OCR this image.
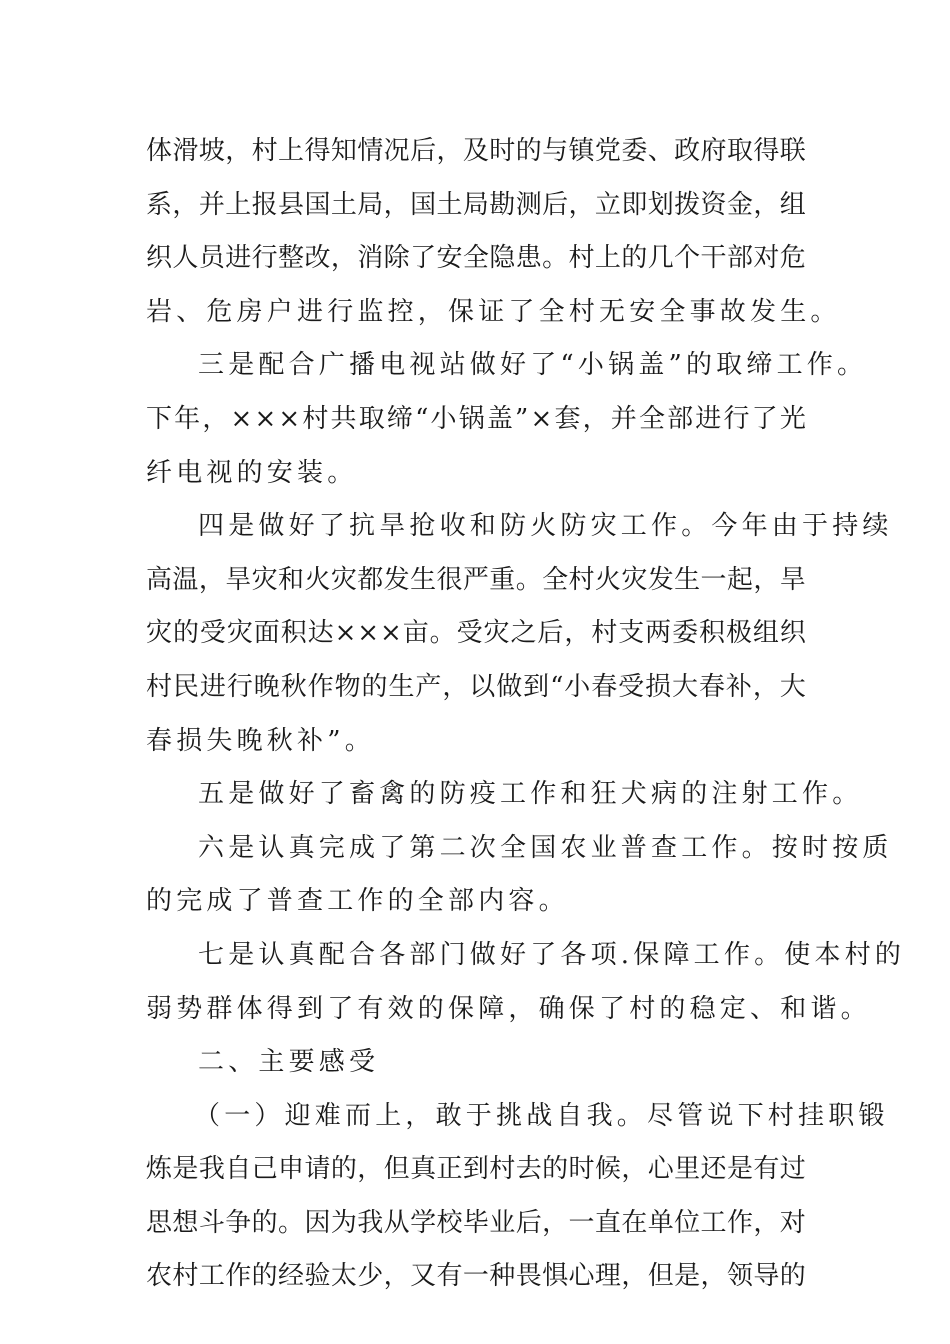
体 滑 坡 ， 村 上 得 知 情 况 后 ， 及 时 的 与 镇 党 委 、 政 府 取 得 联
系 ， 并 上 报 县 国 土 局 ， 国 土 局 勘 测 后 ， 立 即 划 拨 资 金 ， 组
织 人 员 进 行 整 改 ， 消 除 了 安 全 隐 患 。 村 上 的 几 个 干 部 对 危
岩、危房户进行监控，保证了全村无安全事故发生。
三是配合广播电视站做好了“小锅盖”的取缔工作。
下 年 ， × × × 村 共 取 缔 “ 小 锅 盖 ” × 套 ， 并 全 部 进 行 了 光
纤电视的安装。
四是做好了抗旱抢收和防火防灾工作。今年由于持续
高 温 ， 旱 灾 和 火 灾 都 发 生 很 严 重 。 全 村 火 灾 发 生 一 起 ， 旱
灾 的 受 灾 面 积 达 × × × 亩 。 受 灾 之 后 ， 村 支 两 委 积 极 组 织
村 民 进 行 晚 秋 作 物 的 生 产 ， 以 做 到 “ 小 春 受 损 大 春 补 ， 大
春损失晚秋补”。
五是做好了畜禽的防疫工作和狂犬病的注射工作。
六是认真完成了第二次全国农业普查工作。按时按质
的完成了普查工作的全部内容。
七是认真配合各部门做好了各项.保障工作。使本村的
弱势群体得到了有效的保障，确保了村的稳定、和谐。
二、主要感受
（一）迎难而上，敢于挑战自我。尽管说下村挂职锻
炼 是 我 自 己 申 请 的 ， 但 真 正 到 村 去 的 时 候 ， 心 里 还 是 有 过
思 想 斗 争 的 。 因 为 我 从 学 校 毕 业 后 ， 一 直 在 单 位 工 作 ， 对
农 村 工 作 的 经 验 太 少 ， 又 有 一 种 畏 惧 心 理 ， 但 是 ， 领 导 的
